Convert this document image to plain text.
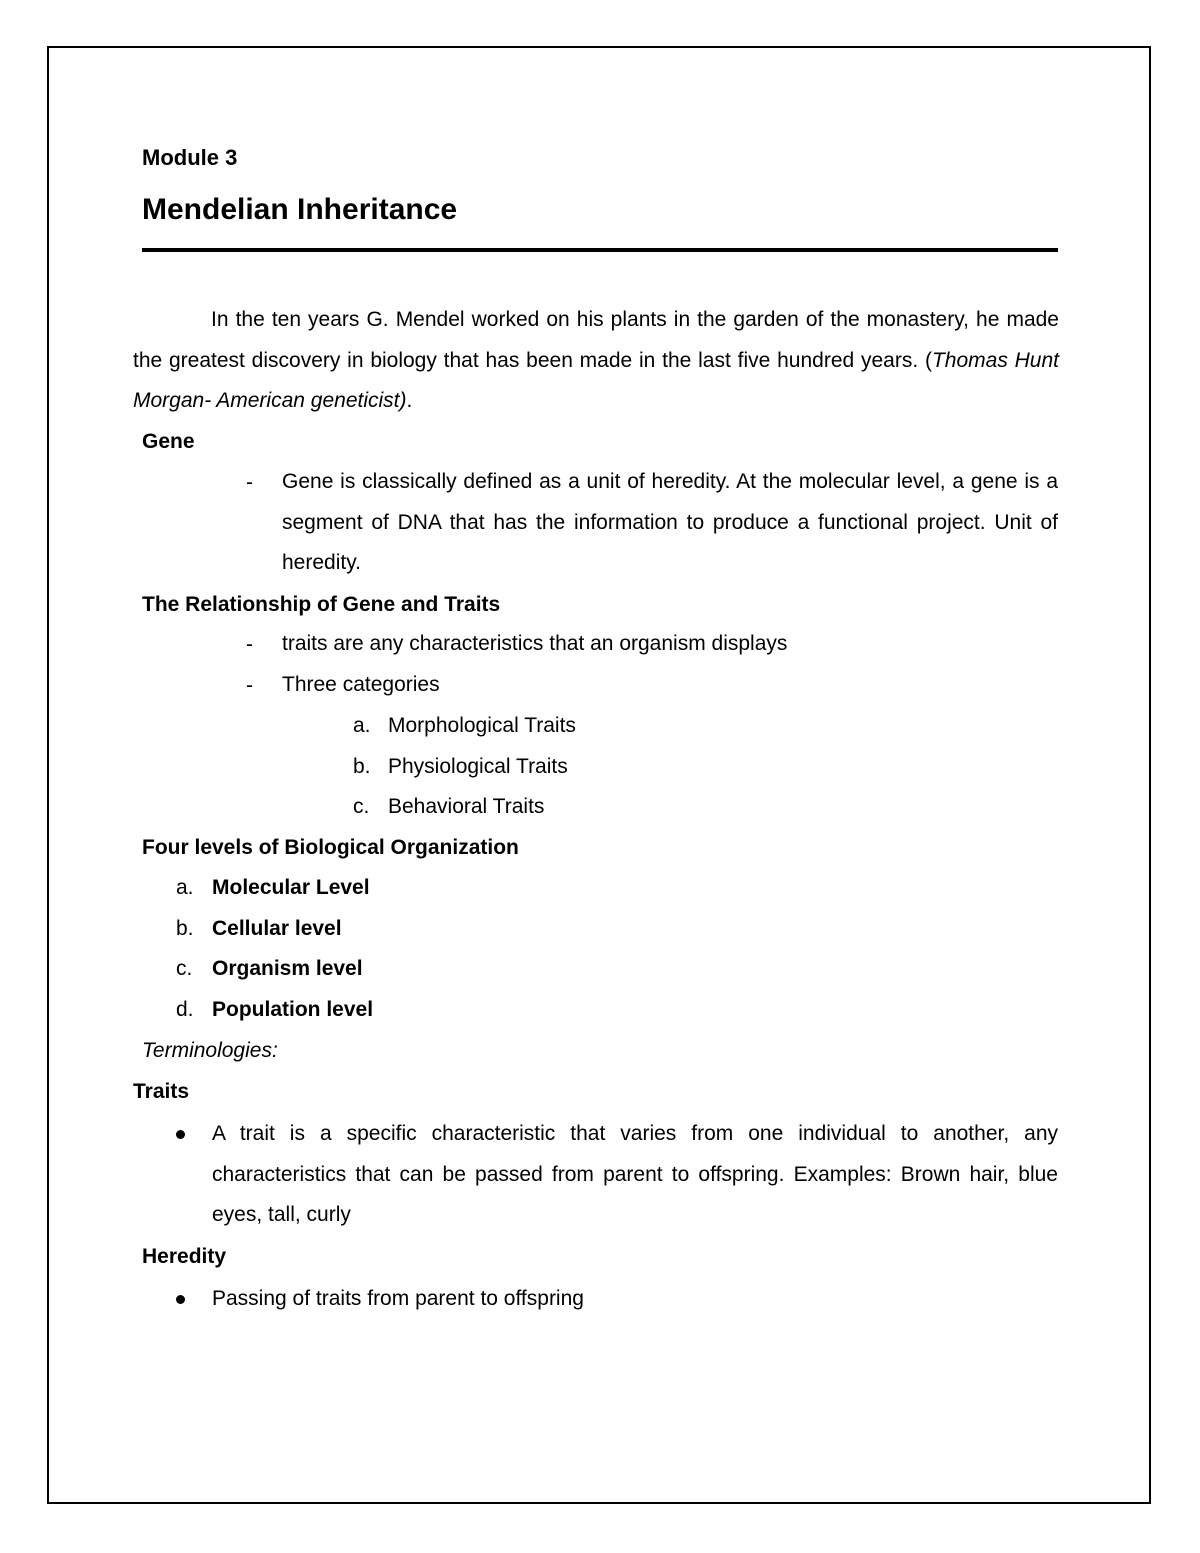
Module 3
Mendelian Inheritance
In the ten years G. Mendel worked on his plants in the garden of the monastery, he made the greatest discovery in biology that has been made in the last five hundred years. (Thomas Hunt Morgan- American geneticist).
Gene
- Gene is classically defined as a unit of heredity. At the molecular level, a gene is a segment of DNA that has the information to produce a functional project. Unit of heredity.
The Relationship of Gene and Traits
- traits are any characteristics that an organism displays
- Three categories
a. Morphological Traits
b. Physiological Traits
c. Behavioral Traits
Four levels of Biological Organization
a. Molecular Level
b. Cellular level
c. Organism level
d. Population level
Terminologies:
Traits
A trait is a specific characteristic that varies from one individual to another, any characteristics that can be passed from parent to offspring. Examples: Brown hair, blue eyes, tall, curly
Heredity
Passing of traits from parent to offspring
